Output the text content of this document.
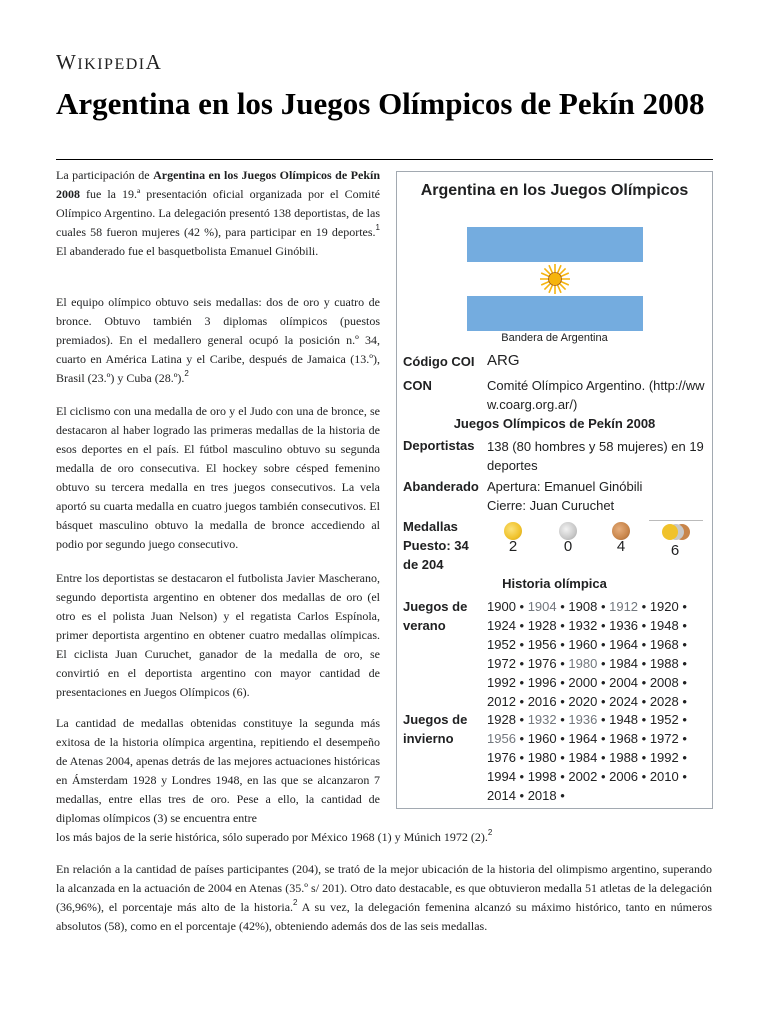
WIKIPEDIA
Argentina en los Juegos Olímpicos de Pekín 2008

La participación de Argentina en los Juegos Olímpicos de Pekín 2008 fue la 19.ª presentación oficial organizada por el Comité Olímpico Argentino. La delegación presentó 138 deportistas, de las cuales 58 fueron mujeres (42 %), para participar en 19 deportes.$^1$ El abanderado fue el basquetbolista Emanuel Ginóbili.

El equipo olímpico obtuvo seis medallas: dos de oro y cuatro de bronce. Obtuvo también 3 diplomas olímpicos (puestos premiados). En el medallero general ocupó la posición n.º 34, cuarto en América Latina y el Caribe, después de Jamaica (13.º), Brasil (23.º) y Cuba (28.º).$^2$

El ciclismo con una medalla de oro y el Judo con una de bronce, se destacaron al haber logrado las primeras medallas de la historia de esos deportes en el país. El fútbol masculino obtuvo su segunda medalla de oro consecutiva. El hockey sobre césped femenino obtuvo su tercera medalla en tres juegos consecutivos. La vela aportó su cuarta medalla en cuatro juegos también consecutivos. El básquet masculino obtuvo la medalla de bronce accediendo al podio por segundo juego consecutivo.

Entre los deportistas se destacaron el futbolista Javier Mascherano, segundo deportista argentino en obtener dos medallas de oro (el otro es el polista Juan Nelson) y el regatista Carlos Espínola, primer deportista argentino en obtener cuatro medallas olímpicas. El ciclista Juan Curuchet, ganador de la medalla de oro, se convirtió en el deportista argentino con mayor cantidad de presentaciones en Juegos Olímpicos (6).

La cantidad de medallas obtenidas constituye la segunda más exitosa de la historia olímpica argentina, repitiendo el desempeño de Atenas 2004, apenas detrás de las mejores actuaciones históricas en Ámsterdam 1928 y Londres 1948, en las que se alcanzaron 7 medallas, entre ellas tres de oro. Pese a ello, la cantidad de diplomas olímpicos (3) se encuentra entre

los más bajos de la serie histórica, sólo superado por México 1968 (1) y Múnich 1972 (2).$^2$

En relación a la cantidad de países participantes (204), se trató de la mejor ubicación de la historia del olimpismo argentino, superando la alcanzada en la actuación de 2004 en Atenas (35.º s/ 201). Otro dato destacable, es que obtuvieron medalla 51 atletas de la delegación (36,96%), el porcentaje más alto de la historia.$^2$ A su vez, la delegación femenina alcanzó su máximo histórico, tanto en números absolutos (58), como en el porcentaje (42%), obteniendo además dos de las seis medallas.

Argentina en los Juegos Olímpicos
Bandera de Argentina
Código COI ARG
CON	Comité Olímpico Argentino. (http://www.coarg.org.ar/)
Juegos Olímpicos de Pekín 2008
Deportistas 138 (80 hombres y 58 mujeres) en 19 deportes
Abanderado Apertura: Emanuel Ginóbili
Cierre: Juan Curuchet
Medallas Puesto: 34 de 204
2	0	4	6
Historia olímpica
Juegos de verano
1900 • 1904 • 1908 • 1912 • 1920 • 1924 • 1928 • 1932 • 1936 • 1948 • 1952 • 1956 • 1960 • 1964 • 1968 • 1972 • 1976 • 1980 • 1984 • 1988 • 1992 • 1996 • 2000 • 2004 • 2008 • 2012 • 2016 • 2020 • 2024 • 2028 •
Juegos de invierno
1928 • 1932 • 1936 • 1948 • 1952 • 1956 • 1960 • 1964 • 1968 • 1972 • 1976 • 1980 • 1984 • 1988 • 1992 • 1994 • 1998 • 2002 • 2006 • 2010 • 2014 • 2018 •
